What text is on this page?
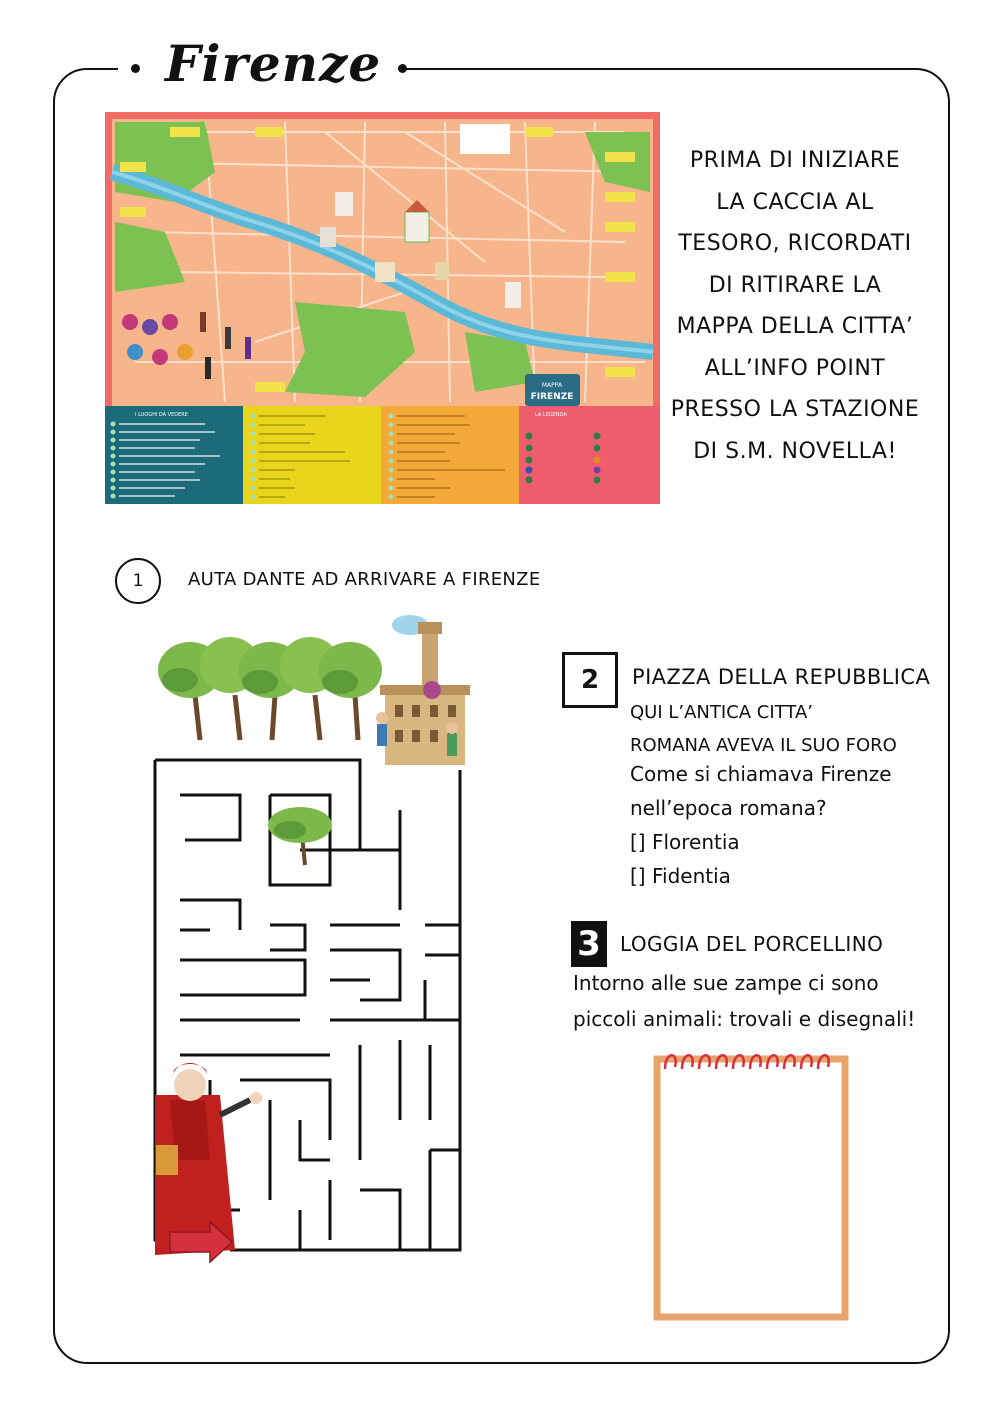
Firenze
MAPPA
FIRENZE
I LUOGHI DA VEDERE	LA LEGENDA
PRIMA DI INIZIARE
LA CACCIA AL
TESORO, RICORDATI
DI RITIRARE LA
MAPPA DELLA CITTA’
ALL’INFO POINT
PRESSO LA STAZIONE
DI S.M. NOVELLA!
1	AUTA DANTE AD ARRIVARE A FIRENZE
2	PIAZZA DELLA REPUBBLICA
QUI L’ANTICA CITTA’
ROMANA AVEVA IL SUO FORO
Come si chiamava Firenze
nell’epoca romana?
[] Florentia
[] Fidentia
3 LOGGIA DEL PORCELLINO
Intorno alle sue zampe ci sono
piccoli animali: trovali e disegnali!
